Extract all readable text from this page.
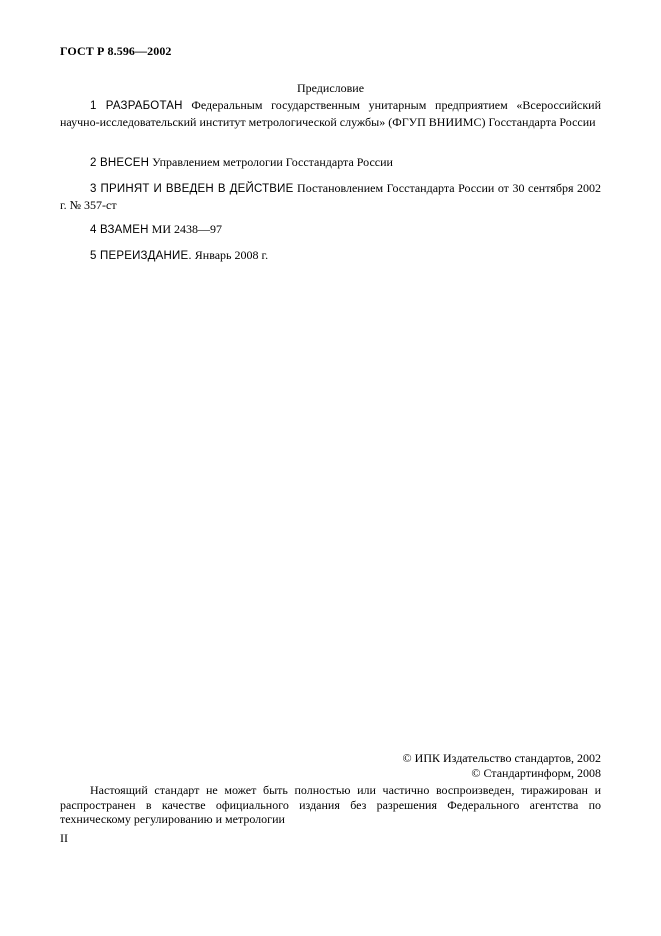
ГОСТ Р 8.596—2002
Предисловие
1 РАЗРАБОТАН Федеральным государственным унитарным предприятием «Всероссийский научно-исследовательский институт метрологической службы» (ФГУП ВНИИМС) Госстандарта России
2 ВНЕСЕН Управлением метрологии Госстандарта России
3 ПРИНЯТ И ВВЕДЕН В ДЕЙСТВИЕ Постановлением Госстандарта России от 30 сентября 2002 г. № 357-ст
4 ВЗАМЕН МИ 2438—97
5 ПЕРЕИЗДАНИЕ. Январь 2008 г.
© ИПК Издательство стандартов, 2002
© Стандартинформ, 2008
Настоящий стандарт не может быть полностью или частично воспроизведен, тиражирован и распространен в качестве официального издания без разрешения Федерального агентства по техническому регулированию и метрологии
II
